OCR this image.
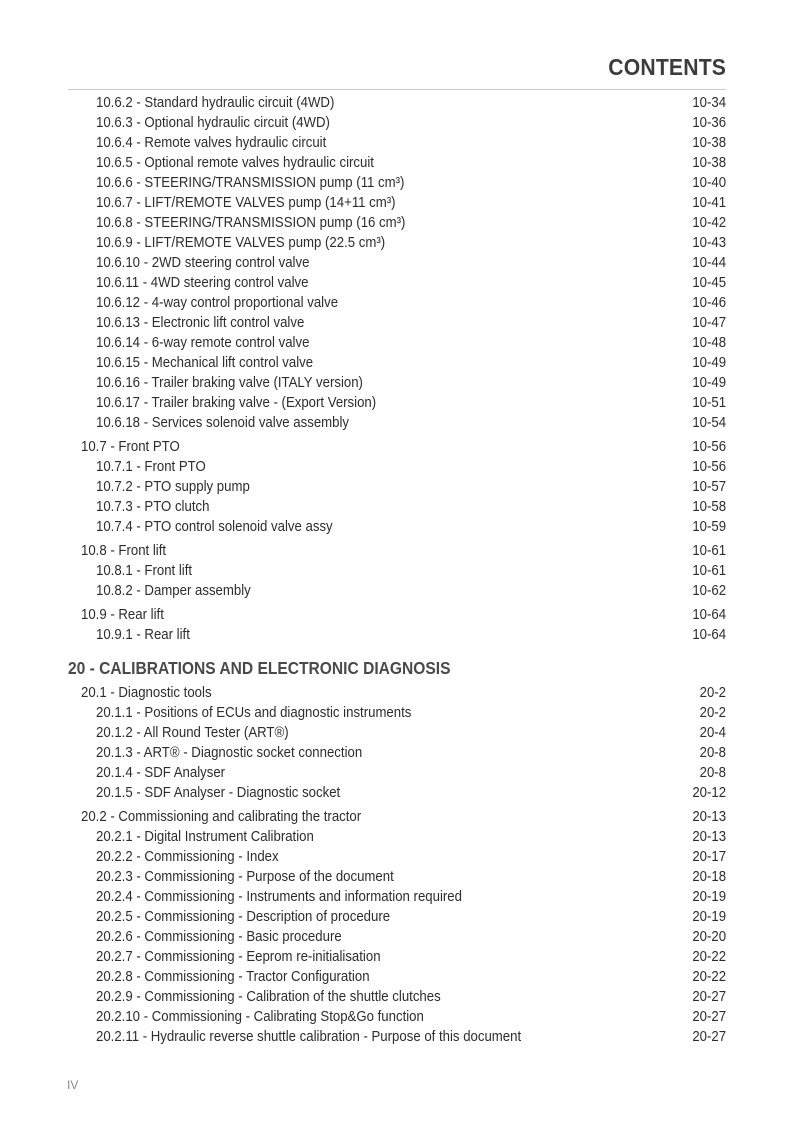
CONTENTS
10.6.2 - Standard hydraulic circuit (4WD)	10-34
10.6.3 - Optional hydraulic circuit (4WD)	10-36
10.6.4 - Remote valves hydraulic circuit	10-38
10.6.5 - Optional remote valves hydraulic circuit	10-38
10.6.6 - STEERING/TRANSMISSION pump (11 cm³)	10-40
10.6.7 - LIFT/REMOTE VALVES pump (14+11 cm³)	10-41
10.6.8 - STEERING/TRANSMISSION pump (16 cm³)	10-42
10.6.9 - LIFT/REMOTE VALVES pump (22.5 cm³)	10-43
10.6.10 - 2WD steering control valve	10-44
10.6.11 - 4WD steering control valve	10-45
10.6.12 - 4-way control proportional valve	10-46
10.6.13 - Electronic lift control valve	10-47
10.6.14 - 6-way remote control valve	10-48
10.6.15 - Mechanical lift control valve	10-49
10.6.16 - Trailer braking valve (ITALY version)	10-49
10.6.17 - Trailer braking valve - (Export Version)	10-51
10.6.18 - Services solenoid valve assembly	10-54
10.7 - Front PTO	10-56
10.7.1 - Front PTO	10-56
10.7.2 - PTO supply pump	10-57
10.7.3 - PTO clutch	10-58
10.7.4 - PTO control solenoid valve assy	10-59
10.8 - Front lift	10-61
10.8.1 - Front lift	10-61
10.8.2 - Damper assembly	10-62
10.9 - Rear lift	10-64
10.9.1 - Rear lift	10-64
20 - CALIBRATIONS AND ELECTRONIC DIAGNOSIS
20.1 - Diagnostic tools	20-2
20.1.1 - Positions of ECUs and diagnostic instruments	20-2
20.1.2 - All Round Tester (ART®)	20-4
20.1.3 - ART® - Diagnostic socket connection	20-8
20.1.4 - SDF Analyser	20-8
20.1.5 - SDF Analyser - Diagnostic socket	20-12
20.2 - Commissioning and calibrating the tractor	20-13
20.2.1 - Digital Instrument Calibration	20-13
20.2.2 - Commissioning - Index	20-17
20.2.3 - Commissioning - Purpose of the document	20-18
20.2.4 - Commissioning - Instruments and information required	20-19
20.2.5 - Commissioning - Description of procedure	20-19
20.2.6 - Commissioning - Basic procedure	20-20
20.2.7 - Commissioning - Eeprom re-initialisation	20-22
20.2.8 - Commissioning - Tractor Configuration	20-22
20.2.9 - Commissioning - Calibration of the shuttle clutches	20-27
20.2.10 - Commissioning - Calibrating Stop&Go function	20-27
20.2.11 - Hydraulic reverse shuttle calibration - Purpose of this document	20-27
IV
